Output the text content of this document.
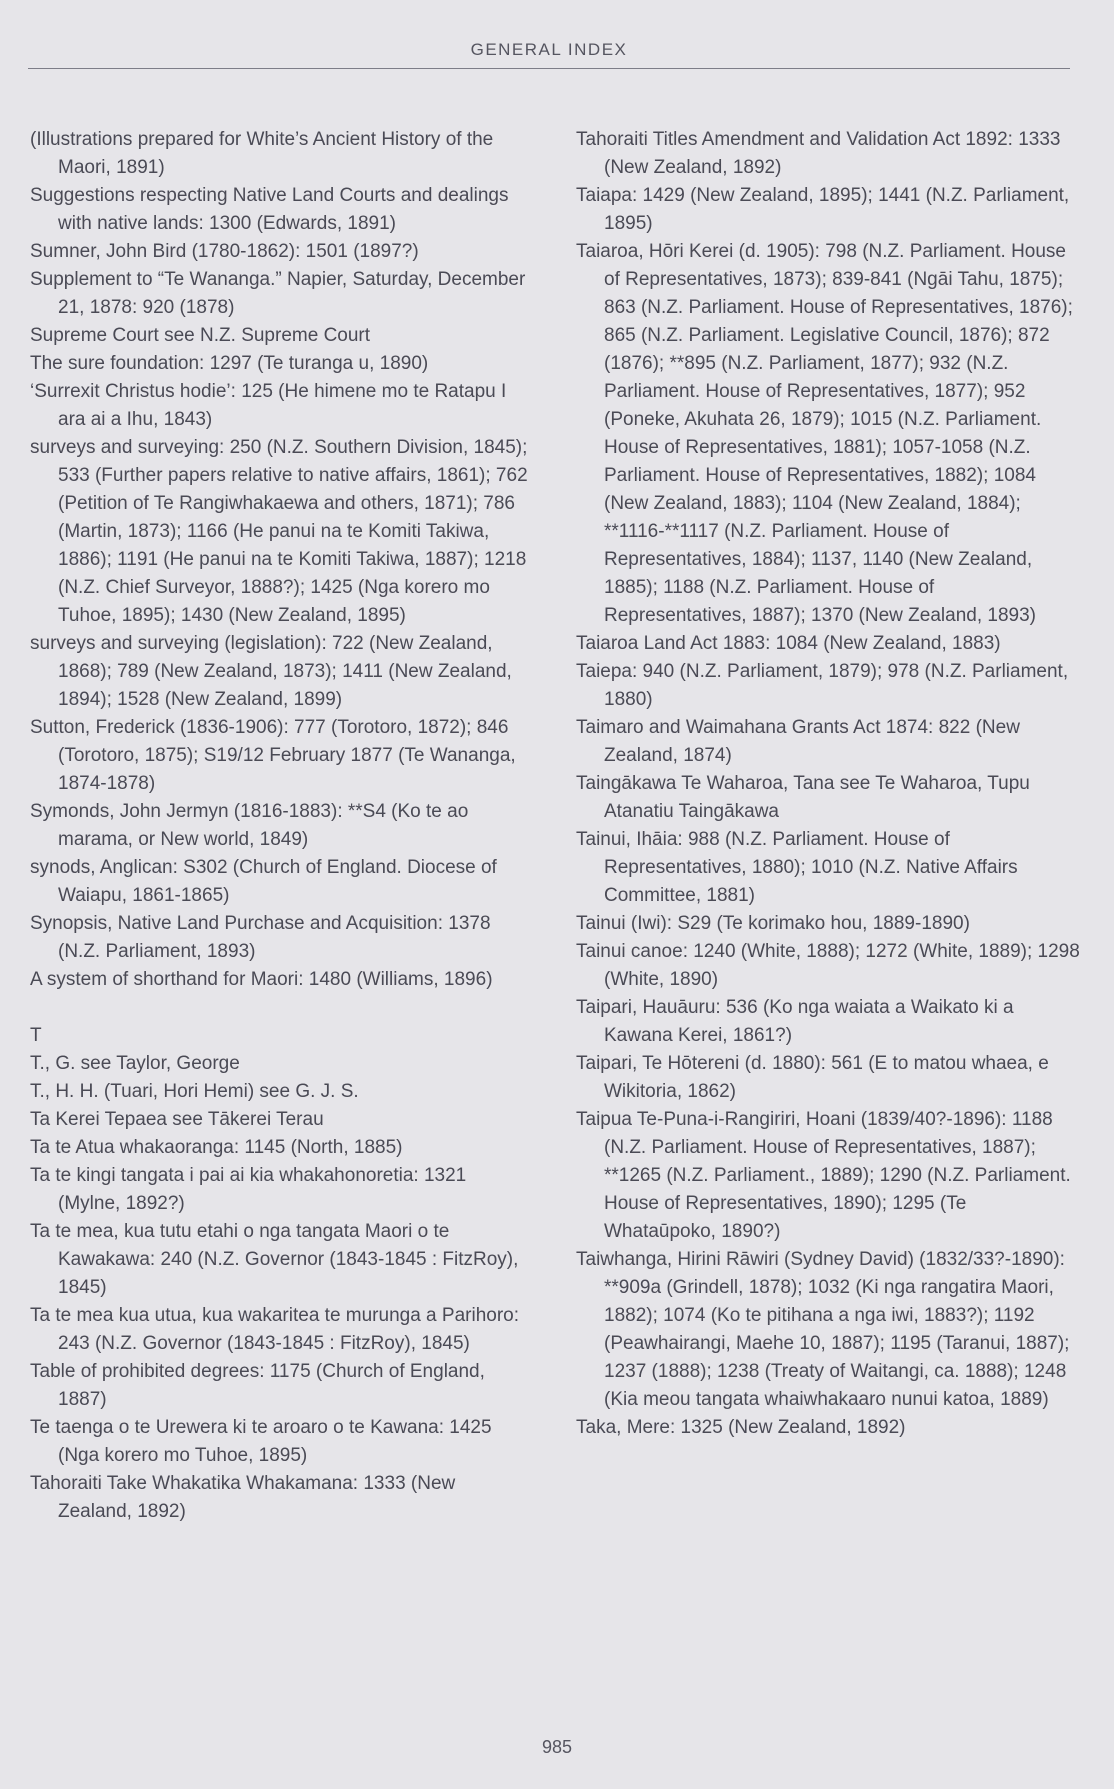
GENERAL INDEX

(Illustrations prepared for White’s Ancient History of the Maori, 1891)

Suggestions respecting Native Land Courts and dealings with native lands: 1300 (Edwards, 1891)

Sumner, John Bird (1780-1862): 1501 (1897?)

Supplement to “Te Wananga.” Napier, Saturday, December 21, 1878: 920 (1878)

Supreme Court see N.Z. Supreme Court

The sure foundation: 1297 (Te turanga u, 1890)

‘Surrexit Christus hodie’: 125 (He himene mo te Ratapu I ara ai a Ihu, 1843)

surveys and surveying: 250 (N.Z. Southern Division, 1845); 533 (Further papers relative to native affairs, 1861); 762 (Petition of Te Rangiwhakaewa and others, 1871); 786 (Martin, 1873); 1166 (He panui na te Komiti Takiwa, 1886); 1191 (He panui na te Komiti Takiwa, 1887); 1218 (N.Z. Chief Surveyor, 1888?); 1425 (Nga korero mo Tuhoe, 1895); 1430 (New Zealand, 1895)

surveys and surveying (legislation): 722 (New Zealand, 1868); 789 (New Zealand, 1873); 1411 (New Zealand, 1894); 1528 (New Zealand, 1899)

Sutton, Frederick (1836-1906): 777 (Torotoro, 1872); 846 (Torotoro, 1875); S19/12 February 1877 (Te Wananga, 1874-1878)

Symonds, John Jermyn (1816-1883): **S4 (Ko te ao marama, or New world, 1849)

synods, Anglican: S302 (Church of England. Diocese of Waiapu, 1861-1865)

Synopsis, Native Land Purchase and Acquisition: 1378 (N.Z. Parliament, 1893)

A system of shorthand for Maori: 1480 (Williams, 1896)

T

T., G. see Taylor, George

T., H. H. (Tuari, Hori Hemi) see G. J. S.

Ta Kerei Tepaea see Tākerei Terau

Ta te Atua whakaoranga: 1145 (North, 1885)

Ta te kingi tangata i pai ai kia whakahonoretia: 1321 (Mylne, 1892?)

Ta te mea, kua tutu etahi o nga tangata Maori o te Kawakawa: 240 (N.Z. Governor (1843-1845 : FitzRoy), 1845)

Ta te mea kua utua, kua wakaritea te murunga a Parihoro: 243 (N.Z. Governor (1843-1845 : FitzRoy), 1845)

Table of prohibited degrees: 1175 (Church of England, 1887)

Te taenga o te Urewera ki te aroaro o te Kawana: 1425 (Nga korero mo Tuhoe, 1895)

Tahoraiti Take Whakatika Whakamana: 1333 (New Zealand, 1892)

Tahoraiti Titles Amendment and Validation Act 1892: 1333 (New Zealand, 1892)

Taiapa: 1429 (New Zealand, 1895); 1441 (N.Z. Parliament, 1895)

Taiaroa, Hōri Kerei (d. 1905): 798 (N.Z. Parliament. House of Representatives, 1873); 839-841 (Ngāi Tahu, 1875); 863 (N.Z. Parliament. House of Representatives, 1876); 865 (N.Z. Parliament. Legislative Council, 1876); 872 (1876); **895 (N.Z. Parliament, 1877); 932 (N.Z. Parliament. House of Representatives, 1877); 952 (Poneke, Akuhata 26, 1879); 1015 (N.Z. Parliament. House of Representatives, 1881); 1057-1058 (N.Z. Parliament. House of Representatives, 1882); 1084 (New Zealand, 1883); 1104 (New Zealand, 1884); **1116-**1117 (N.Z. Parliament. House of Representatives, 1884); 1137, 1140 (New Zealand, 1885); 1188 (N.Z. Parliament. House of Representatives, 1887); 1370 (New Zealand, 1893)

Taiaroa Land Act 1883: 1084 (New Zealand, 1883)

Taiepa: 940 (N.Z. Parliament, 1879); 978 (N.Z. Parliament, 1880)

Taimaro and Waimahana Grants Act 1874: 822 (New Zealand, 1874)

Taingākawa Te Waharoa, Tana see Te Waharoa, Tupu Atanatiu Taingākawa

Tainui, Ihāia: 988 (N.Z. Parliament. House of Representatives, 1880); 1010 (N.Z. Native Affairs Committee, 1881)

Tainui (Iwi): S29 (Te korimako hou, 1889-1890)

Tainui canoe: 1240 (White, 1888); 1272 (White, 1889); 1298 (White, 1890)

Taipari, Hauāuru: 536 (Ko nga waiata a Waikato ki a Kawana Kerei, 1861?)

Taipari, Te Hōtereni (d. 1880): 561 (E to matou whaea, e Wikitoria, 1862)

Taipua Te-Puna-i-Rangiriri, Hoani (1839/40?-1896): 1188 (N.Z. Parliament. House of Representatives, 1887); **1265 (N.Z. Parliament., 1889); 1290 (N.Z. Parliament. House of Representatives, 1890); 1295 (Te Whataūpoko, 1890?)

Taiwhanga, Hirini Rāwiri (Sydney David) (1832/33?-1890): **909a (Grindell, 1878); 1032 (Ki nga rangatira Maori, 1882); 1074 (Ko te pitihana a nga iwi, 1883?); 1192 (Peawhairangi, Maehe 10, 1887); 1195 (Taranui, 1887); 1237 (1888); 1238 (Treaty of Waitangi, ca. 1888); 1248 (Kia meou tangata whaiwhakaaro nunui katoa, 1889)

Taka, Mere: 1325 (New Zealand, 1892)

985
